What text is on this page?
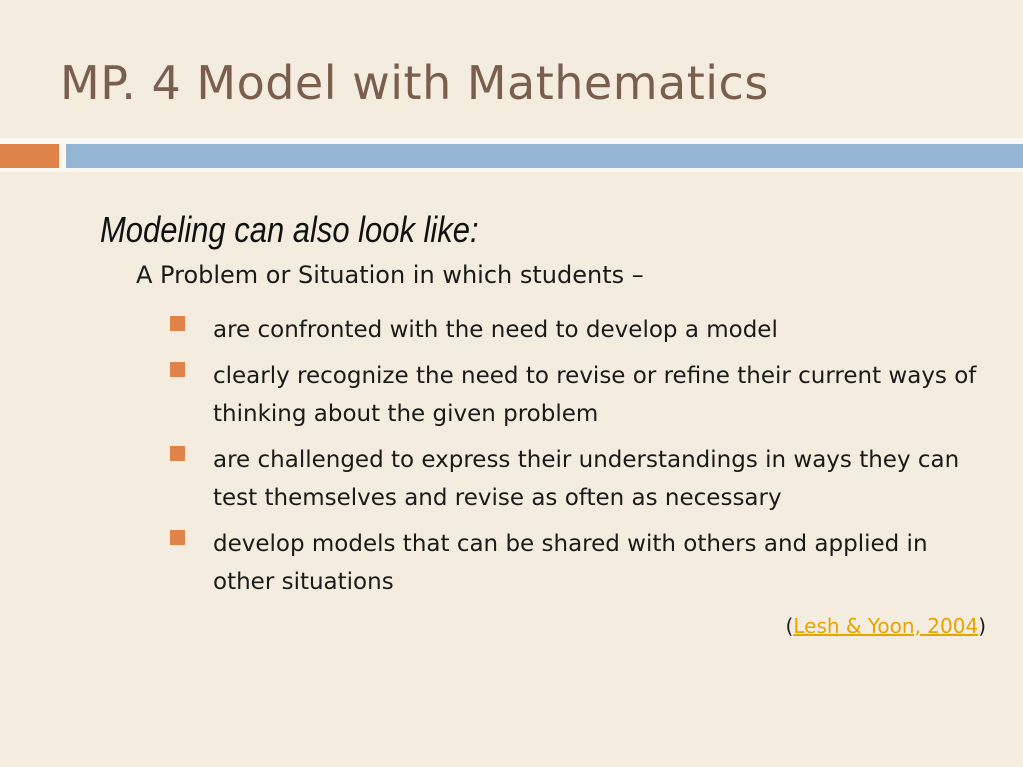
MP. 4 Model with Mathematics
Modeling can also look like:
A Problem or Situation in which students –
are confronted with the need to develop a model
clearly recognize the need to revise or refine their current ways of thinking about the given problem
are challenged to express their understandings in ways they can test themselves and revise as often as necessary
develop models that can be shared with others and applied in other situations
(Lesh & Yoon, 2004)
